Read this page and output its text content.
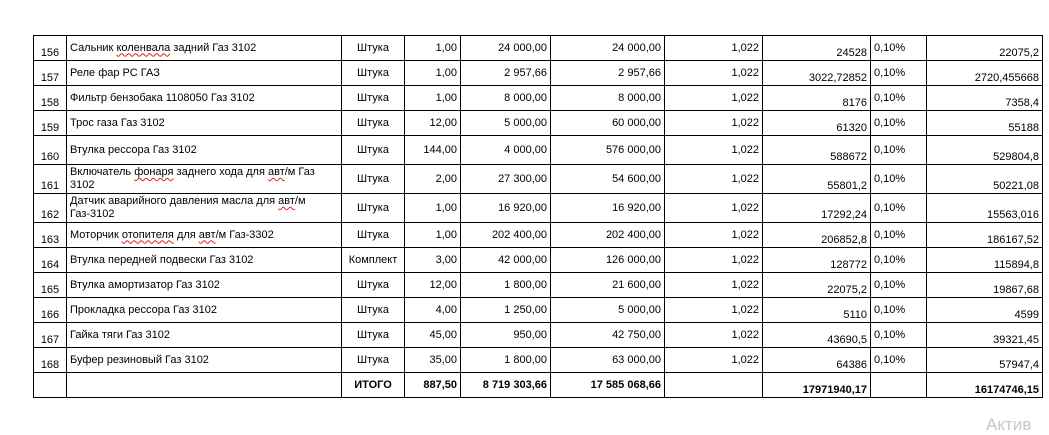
156	Сальник коленвала задний Газ 3102	Штука	1,00	24 000,00	24 000,00	1,022	24528	0,10%	22075,2
157	Реле фар РС ГАЗ	Штука	1,00	2 957,66	2 957,66	1,022	3022,72852	0,10%	2720,455668
158	Фильтр бензобака 1108050 Газ 3102	Штука	1,00	8 000,00	8 000,00	1,022	8176	0,10%	7358,4
159	Трос газа Газ 3102	Штука	12,00	5 000,00	60 000,00	1,022	61320	0,10%	55188
160	Втулка рессора Газ 3102	Штука	144,00	4 000,00	576 000,00	1,022	588672	0,10%	529804,8
161	Включатель фонаря заднего хода для авт/м Газ 3102	Штука	2,00	27 300,00	54 600,00	1,022	55801,2	0,10%	50221,08
162	Датчик аварийного давления масла для авт/м Газ-3102	Штука	1,00	16 920,00	16 920,00	1,022	17292,24	0,10%	15563,016
163	Моторчик отопителя для авт/м Газ-3302	Штука	1,00	202 400,00	202 400,00	1,022	206852,8	0,10%	186167,52
164	Втулка передней подвески Газ 3102	Комплект	3,00	42 000,00	126 000,00	1,022	128772	0,10%	115894,8
165	Втулка амортизатор Газ 3102	Штука	12,00	1 800,00	21 600,00	1,022	22075,2	0,10%	19867,68
166	Прокладка рессора Газ 3102	Штука	4,00	1 250,00	5 000,00	1,022	5110	0,10%	4599
167	Гайка тяги Газ 3102	Штука	45,00	950,00	42 750,00	1,022	43690,5	0,10%	39321,45
168	Буфер резиновый Газ 3102	Штука	35,00	1 800,00	63 000,00	1,022	64386	0,10%	57947,4
		ИТОГО	887,50	8 719 303,66	17 585 068,66		17971940,17		16174746,15
Актив
